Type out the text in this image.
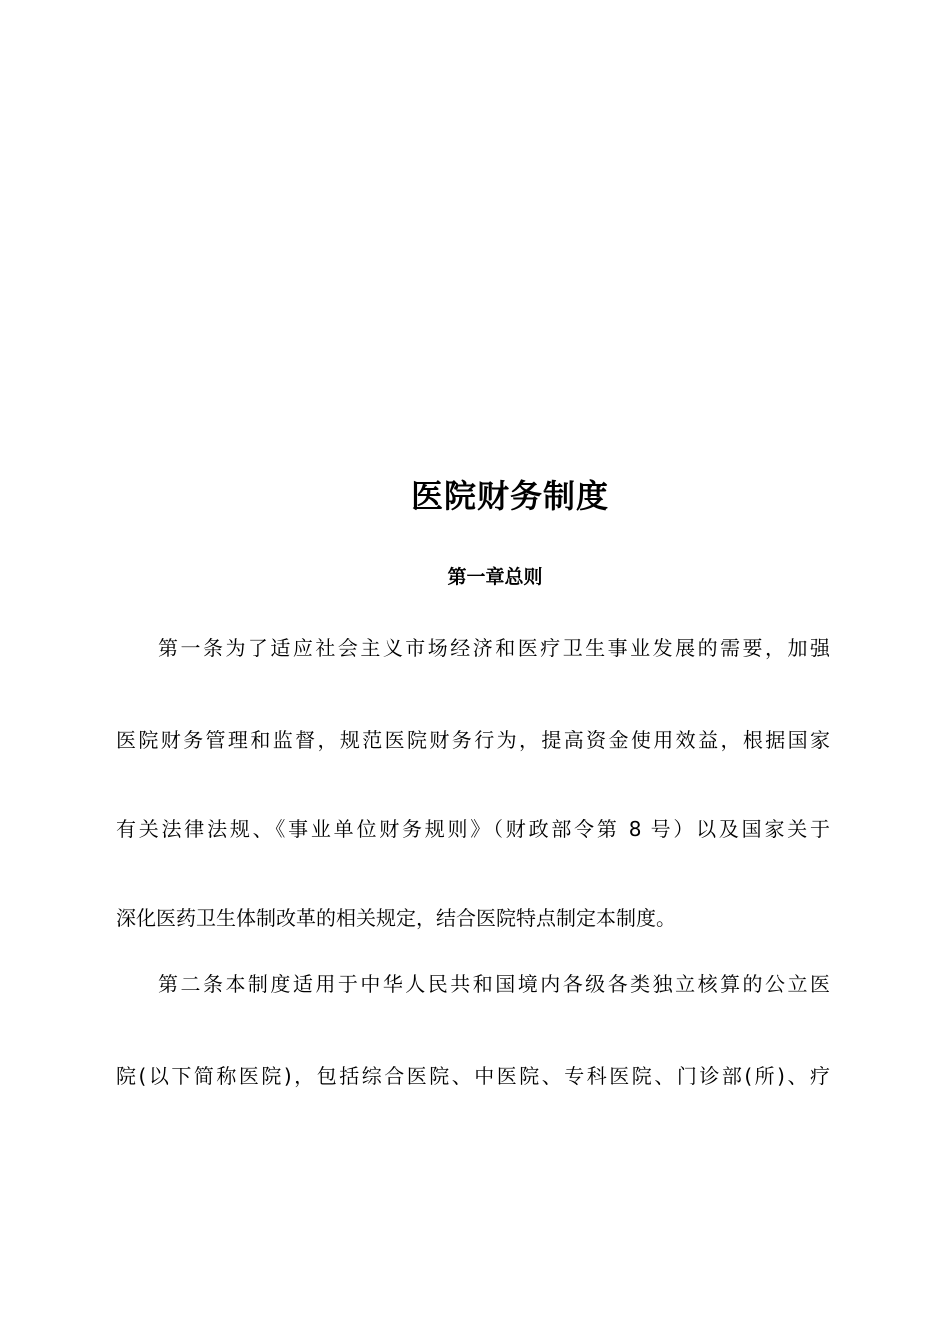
医院财务制度
第一章总则
第一条为了适应社会主义市场经济和医疗卫生事业发展的需要，加强
医院财务管理和监督，规范医院财务行为，提高资金使用效益，根据国家
有关法律法规、《事业单位财务规则》（财政部令第 8 号）以及国家关于
深化医药卫生体制改革的相关规定，结合医院特点制定本制度。
第二条本制度适用于中华人民共和国境内各级各类独立核算的公立医
院(以下简称医院)，包括综合医院、中医院、专科医院、门诊部(所)、疗
